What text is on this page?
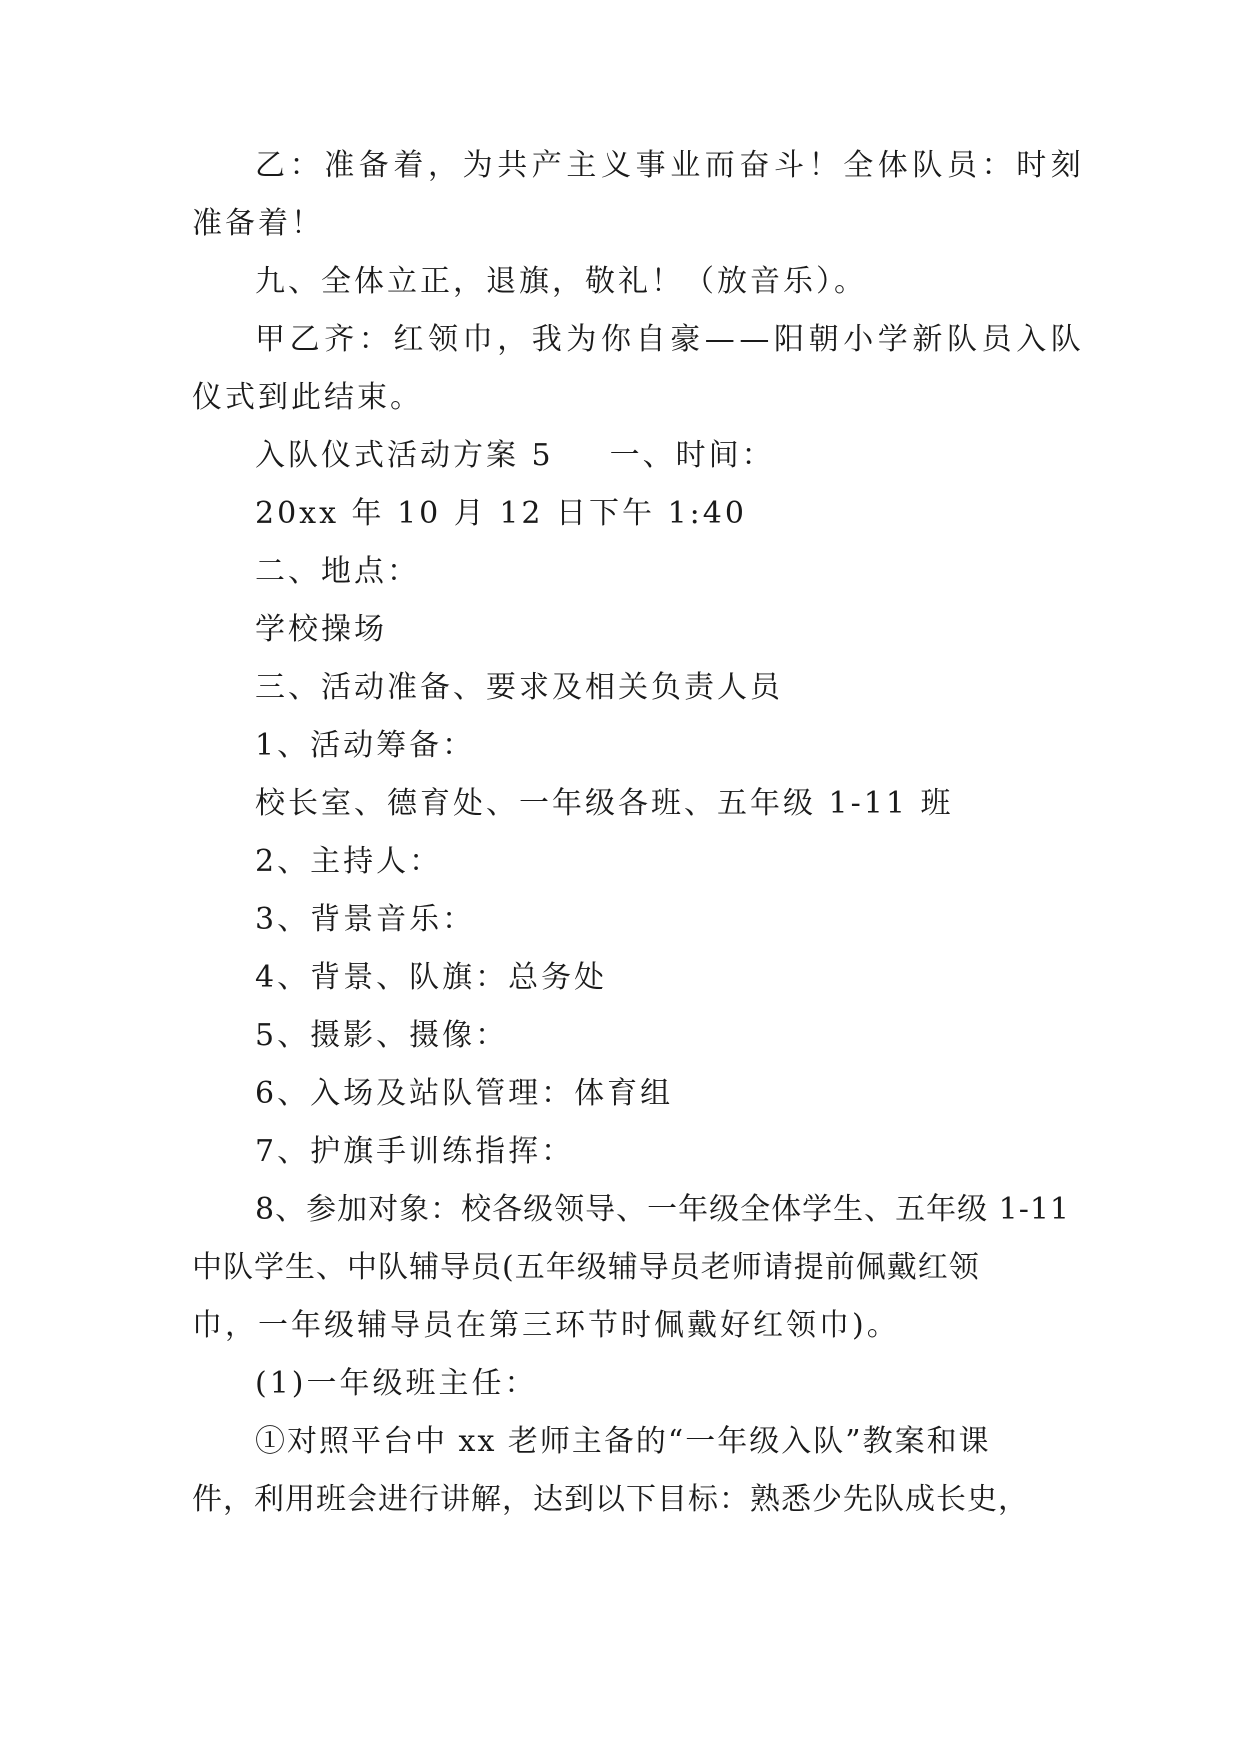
乙：准备着，为共产主义事业而奋斗！全体队员：时刻
准备着！
九、全体立正，退旗，敬礼！（放音乐）。
甲乙齐：红领巾，我为你自豪——阳朝小学新队员入队
仪式到此结束。
入队仪式活动方案 5 一、时间：
20xx 年 10 月 12 日下午 1:40
二、地点：
学校操场
三、活动准备、要求及相关负责人员
1、活动筹备：
校长室、德育处、一年级各班、五年级 1-11 班
2、主持人：
3、背景音乐：
4、背景、队旗：总务处
5、摄影、摄像：
6、入场及站队管理：体育组
7、护旗手训练指挥：
8、参加对象：校各级领导、一年级全体学生、五年级 1-11
中队学生、中队辅导员(五年级辅导员老师请提前佩戴红领
巾，一年级辅导员在第三环节时佩戴好红领巾)。
(1)一年级班主任：
①对照平台中 xx 老师主备的“一年级入队”教案和课
件，利用班会进行讲解，达到以下目标：熟悉少先队成长史，
